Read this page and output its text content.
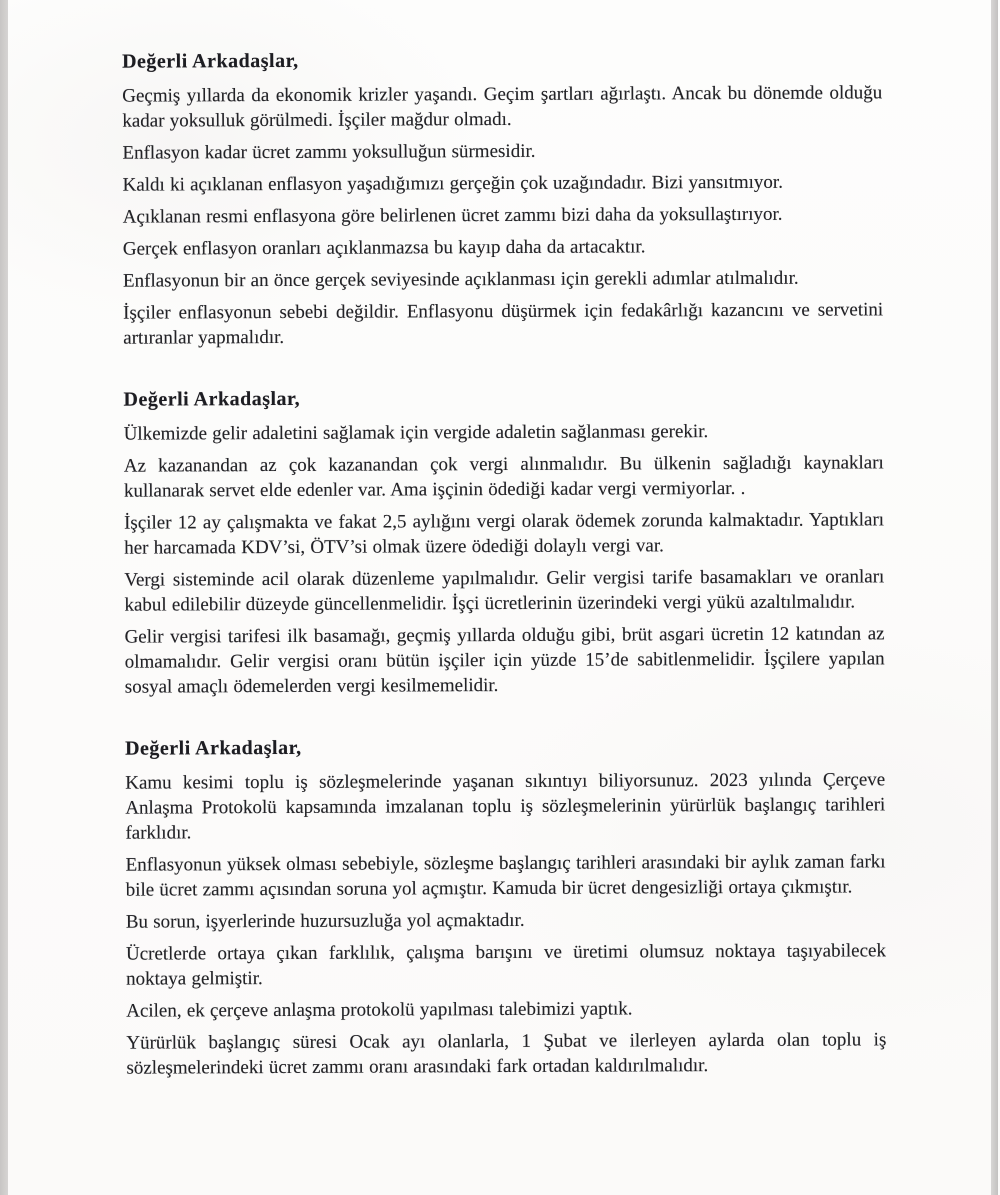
Değerli Arkadaşlar,

Geçmiş yıllarda da ekonomik krizler yaşandı. Geçim şartları ağırlaştı. Ancak bu dönemde olduğu kadar yoksulluk görülmedi. İşçiler mağdur olmadı.

Enflasyon kadar ücret zammı yoksulluğun sürmesidir.

Kaldı ki açıklanan enflasyon yaşadığımızı gerçeğin çok uzağındadır. Bizi yansıtmıyor.

Açıklanan resmi enflasyona göre belirlenen ücret zammı bizi daha da yoksullaştırıyor.

Gerçek enflasyon oranları açıklanmazsa bu kayıp daha da artacaktır.

Enflasyonun bir an önce gerçek seviyesinde açıklanması için gerekli adımlar atılmalıdır.

İşçiler enflasyonun sebebi değildir. Enflasyonu düşürmek için fedakârlığı kazancını ve servetini artıranlar yapmalıdır.

Değerli Arkadaşlar,

Ülkemizde gelir adaletini sağlamak için vergide adaletin sağlanması gerekir.

Az kazanandan az çok kazanandan çok vergi alınmalıdır. Bu ülkenin sağladığı kaynakları kullanarak servet elde edenler var. Ama işçinin ödediği kadar vergi vermiyorlar. .

İşçiler 12 ay çalışmakta ve fakat 2,5 aylığını vergi olarak ödemek zorunda kalmaktadır. Yaptıkları her harcamada KDV’si, ÖTV’si olmak üzere ödediği dolaylı vergi var.

Vergi sisteminde acil olarak düzenleme yapılmalıdır. Gelir vergisi tarife basamakları ve oranları kabul edilebilir düzeyde güncellenmelidir. İşçi ücretlerinin üzerindeki vergi yükü azaltılmalıdır.

Gelir vergisi tarifesi ilk basamağı, geçmiş yıllarda olduğu gibi, brüt asgari ücretin 12 katından az olmamalıdır. Gelir vergisi oranı bütün işçiler için yüzde 15’de sabitlenmelidir. İşçilere yapılan sosyal amaçlı ödemelerden vergi kesilmemelidir.

Değerli Arkadaşlar,

Kamu kesimi toplu iş sözleşmelerinde yaşanan sıkıntıyı biliyorsunuz. 2023 yılında Çerçeve Anlaşma Protokolü kapsamında imzalanan toplu iş sözleşmelerinin yürürlük başlangıç tarihleri farklıdır.

Enflasyonun yüksek olması sebebiyle, sözleşme başlangıç tarihleri arasındaki bir aylık zaman farkı bile ücret zammı açısından soruna yol açmıştır. Kamuda bir ücret dengesizliği ortaya çıkmıştır.

Bu sorun, işyerlerinde huzursuzluğa yol açmaktadır.

Ücretlerde ortaya çıkan farklılık, çalışma barışını ve üretimi olumsuz noktaya taşıyabilecek noktaya gelmiştir.

Acilen, ek çerçeve anlaşma protokolü yapılması talebimizi yaptık.

Yürürlük başlangıç süresi Ocak ayı olanlarla, 1 Şubat ve ilerleyen aylarda olan toplu iş sözleşmelerindeki ücret zammı oranı arasındaki fark ortadan kaldırılmalıdır.
